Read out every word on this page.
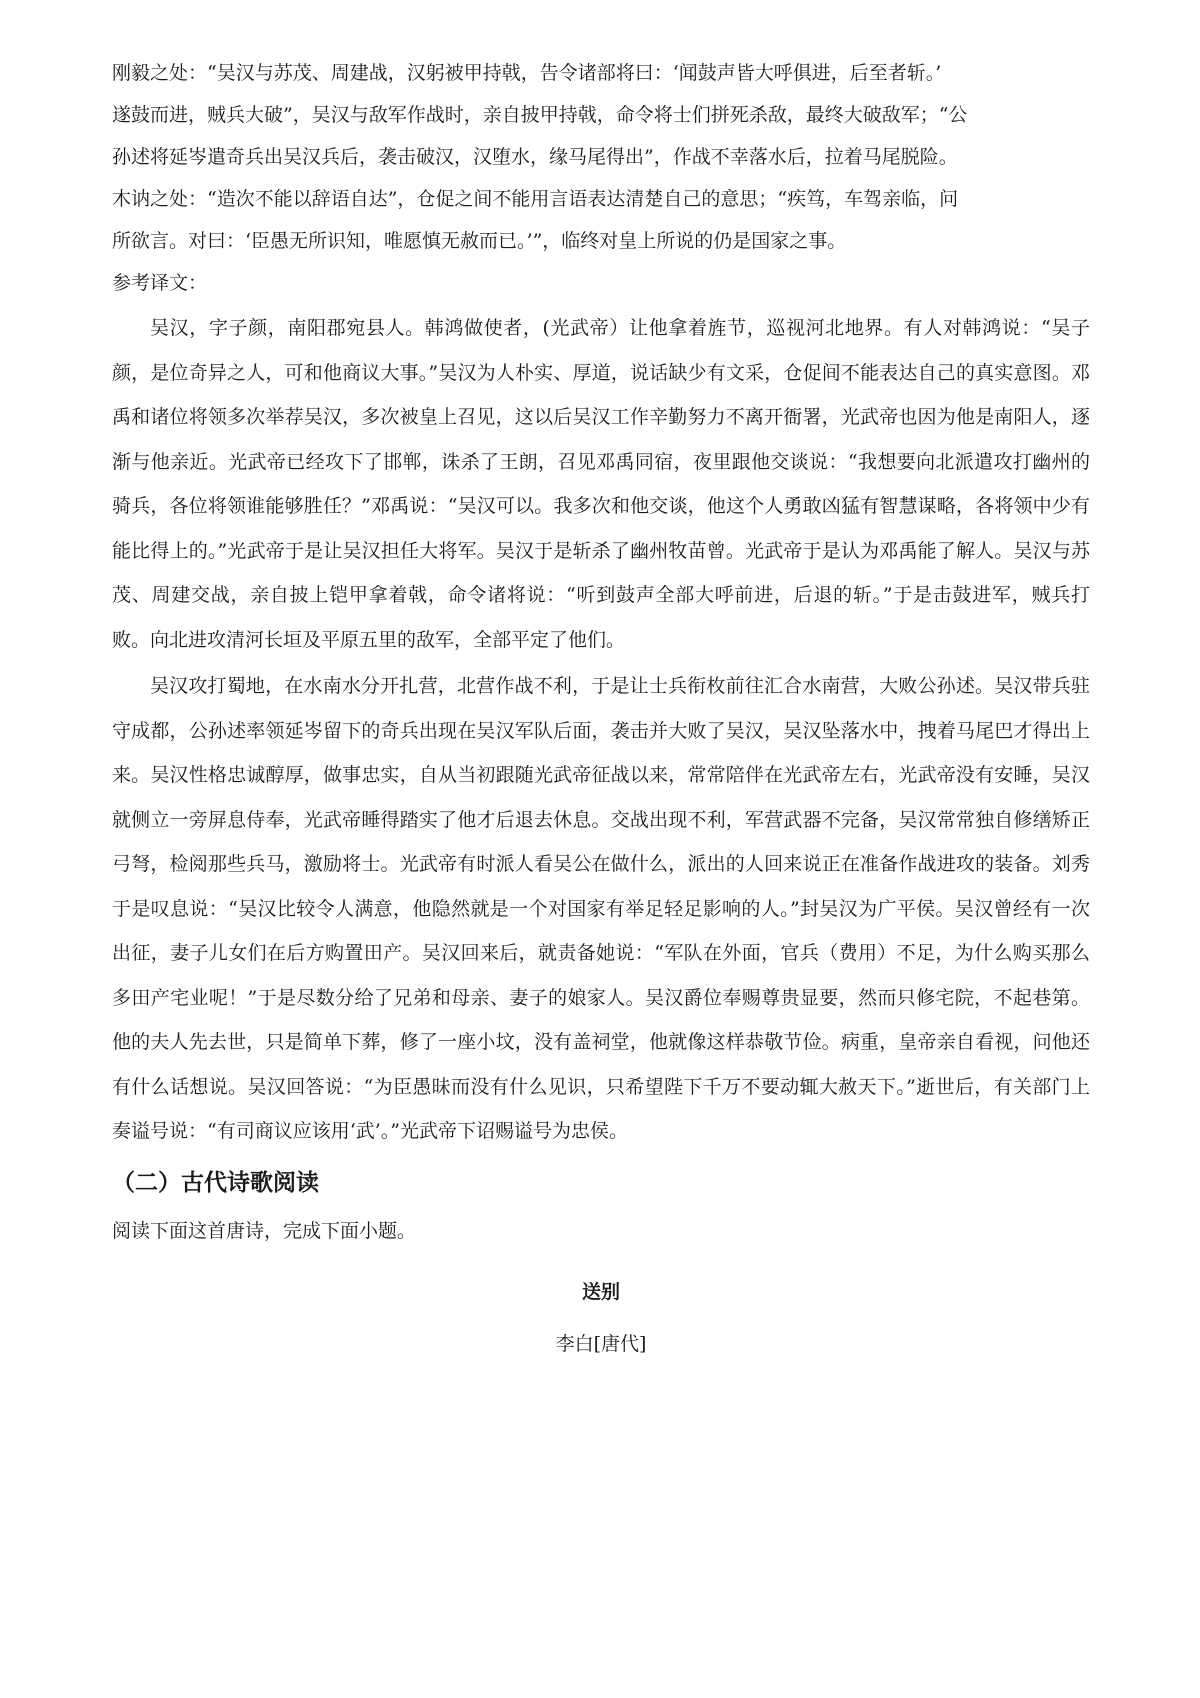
刚毅之处：“吴汉与苏茂、周建战，汉躬被甲持戟，告令诸部将曰：‘闻鼓声皆大呼俱进，后至者斩。’

遂鼓而进，贼兵大破”，吴汉与敌军作战时，亲自披甲持戟，命令将士们拼死杀敌，最终大破敌军；“公

孙述将延岑遣奇兵出吴汉兵后，袭击破汉，汉堕水，缘马尾得出”，作战不幸落水后，拉着马尾脱险。

木讷之处：“造次不能以辞语自达”，仓促之间不能用言语表达清楚自己的意思；“疾笃，车驾亲临，问

所欲言。对曰：‘臣愚无所识知，唯愿慎无赦而已。’”，临终对皇上所说的仍是国家之事。

参考译文：

吴汉，字子颜，南阳郡宛县人。韩鸿做使者，(光武帝）让他拿着旌节，巡视河北地界。有人对韩鸿说：“吴子颜，是位奇异之人，可和他商议大事。”吴汉为人朴实、厚道，说话缺少有文采，仓促间不能表达自己的真实意图。邓禹和诸位将领多次举荐吴汉，多次被皇上召见，这以后吴汉工作辛勤努力不离开衙署，光武帝也因为他是南阳人，逐渐与他亲近。光武帝已经攻下了邯郸，诛杀了王朗，召见邓禹同宿，夜里跟他交谈说：“我想要向北派遣攻打幽州的骑兵，各位将领谁能够胜任？”邓禹说：“吴汉可以。我多次和他交谈，他这个人勇敢凶猛有智慧谋略，各将领中少有能比得上的。”光武帝于是让吴汉担任大将军。吴汉于是斩杀了幽州牧苗曾。光武帝于是认为邓禹能了解人。吴汉与苏茂、周建交战，亲自披上铠甲拿着戟，命令诸将说：“听到鼓声全部大呼前进，后退的斩。”于是击鼓进军，贼兵打败。向北进攻清河长垣及平原五里的敌军，全部平定了他们。

吴汉攻打蜀地，在水南水分开扎营，北营作战不利，于是让士兵衔枚前往汇合水南营，大败公孙述。吴汉带兵驻守成都，公孙述率领延岑留下的奇兵出现在吴汉军队后面，袭击并大败了吴汉，吴汉坠落水中，拽着马尾巴才得出上来。吴汉性格忠诚醇厚，做事忠实，自从当初跟随光武帝征战以来，常常陪伴在光武帝左右，光武帝没有安睡，吴汉就侧立一旁屏息侍奉，光武帝睡得踏实了他才后退去休息。交战出现不利，军营武器不完备，吴汉常常独自修缮矫正弓弩，检阅那些兵马，激励将士。光武帝有时派人看吴公在做什么，派出的人回来说正在准备作战进攻的装备。刘秀于是叹息说：“吴汉比较令人满意，他隐然就是一个对国家有举足轻足影响的人。”封吴汉为广平侯。吴汉曾经有一次出征，妻子儿女们在后方购置田产。吴汉回来后，就责备她说：“军队在外面，官兵（费用）不足，为什么购买那么多田产宅业呢！”于是尽数分给了兄弟和母亲、妻子的娘家人。吴汉爵位奉赐尊贵显要，然而只修宅院，不起巷第。他的夫人先去世，只是简单下葬，修了一座小坟，没有盖祠堂，他就像这样恭敬节俭。病重，皇帝亲自看视，问他还有什么话想说。吴汉回答说：“为臣愚昧而没有什么见识，只希望陛下千万不要动辄大赦天下。”逝世后，有关部门上奏谥号说：“有司商议应该用‘武’。”光武帝下诏赐谥号为忠侯。

（二）古代诗歌阅读

阅读下面这首唐诗，完成下面小题。

送别

李白[唐代]
